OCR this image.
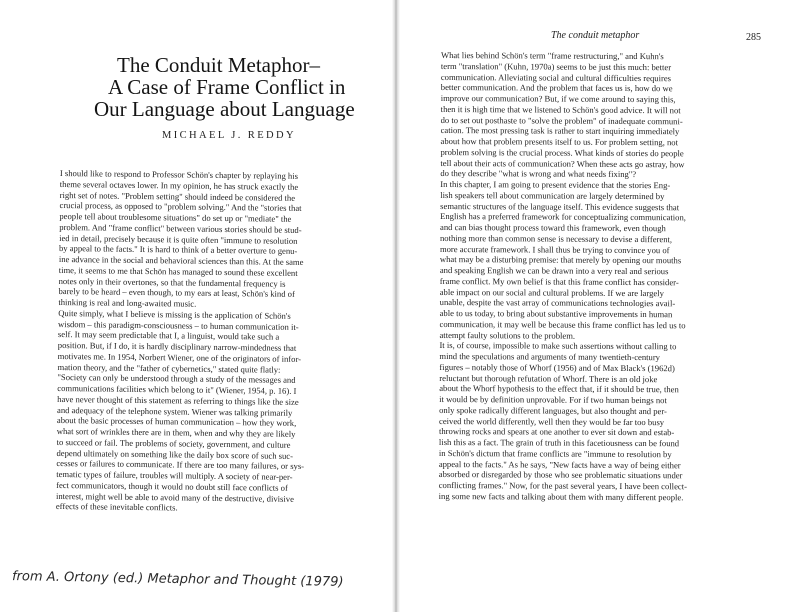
The Conduit Metaphor–
A Case of Frame Conflict in
Our Language about Language
MICHAEL J. REDDY
I should like to respond to Professor Schön's chapter by replaying his
theme several octaves lower. In my opinion, he has struck exactly the
right set of notes. "Problem setting" should indeed be considered the
crucial process, as opposed to "problem solving." And the "stories that
people tell about troublesome situations" do set up or "mediate" the
problem. And "frame conflict" between various stories should be stud-
ied in detail, precisely because it is quite often "immune to resolution
by appeal to the facts." It is hard to think of a better overture to genu-
ine advance in the social and behavioral sciences than this. At the same
time, it seems to me that Schön has managed to sound these excellent
notes only in their overtones, so that the fundamental frequency is
barely to be heard – even though, to my ears at least, Schön's kind of
thinking is real and long-awaited music.
Quite simply, what I believe is missing is the application of Schön's
wisdom – this paradigm-consciousness – to human communication it-
self. It may seem predictable that I, a linguist, would take such a
position. But, if I do, it is hardly disciplinary narrow-mindedness that
motivates me. In 1954, Norbert Wiener, one of the originators of infor-
mation theory, and the "father of cybernetics," stated quite flatly:
"Society can only be understood through a study of the messages and
communications facilities which belong to it" (Wiener, 1954, p. 16). I
have never thought of this statement as referring to things like the size
and adequacy of the telephone system. Wiener was talking primarily
about the basic processes of human communication – how they work,
what sort of wrinkles there are in them, when and why they are likely
to succeed or fail. The problems of society, government, and culture
depend ultimately on something like the daily box score of such suc-
cesses or failures to communicate. If there are too many failures, or sys-
tematic types of failure, troubles will multiply. A society of near-per-
fect communicators, though it would no doubt still face conflicts of
interest, might well be able to avoid many of the destructive, divisive
effects of these inevitable conflicts.
The conduit metaphor	285
What lies behind Schön's term "frame restructuring," and Kuhn's
term "translation" (Kuhn, 1970a) seems to be just this much: better
communication. Alleviating social and cultural difficulties requires
better communication. And the problem that faces us is, how do we
improve our communication? But, if we come around to saying this,
then it is high time that we listened to Schön's good advice. It will not
do to set out posthaste to "solve the problem" of inadequate communi-
cation. The most pressing task is rather to start inquiring immediately
about how that problem presents itself to us. For problem setting, not
problem solving is the crucial process. What kinds of stories do people
tell about their acts of communication? When these acts go astray, how
do they describe "what is wrong and what needs fixing"?
In this chapter, I am going to present evidence that the stories Eng-
lish speakers tell about communication are largely determined by
semantic structures of the language itself. This evidence suggests that
English has a preferred framework for conceptualizing communication,
and can bias thought process toward this framework, even though
nothing more than common sense is necessary to devise a different,
more accurate framework. I shall thus be trying to convince you of
what may be a disturbing premise: that merely by opening our mouths
and speaking English we can be drawn into a very real and serious
frame conflict. My own belief is that this frame conflict has consider-
able impact on our social and cultural problems. If we are largely
unable, despite the vast array of communications technologies avail-
able to us today, to bring about substantive improvements in human
communication, it may well be because this frame conflict has led us to
attempt faulty solutions to the problem.
It is, of course, impossible to make such assertions without calling to
mind the speculations and arguments of many twentieth-century
figures – notably those of Whorf (1956) and of Max Black's (1962d)
reluctant but thorough refutation of Whorf. There is an old joke
about the Whorf hypothesis to the effect that, if it should be true, then
it would be by definition unprovable. For if two human beings not
only spoke radically different languages, but also thought and per-
ceived the world differently, well then they would be far too busy
throwing rocks and spears at one another to ever sit down and estab-
lish this as a fact. The grain of truth in this facetiousness can be found
in Schön's dictum that frame conflicts are "immune to resolution by
appeal to the facts." As he says, "New facts have a way of being either
absorbed or disregarded by those who see problematic situations under
conflicting frames." Now, for the past several years, I have been collect-
ing some new facts and talking about them with many different people.
from A. Ortony (ed.) Metaphor and Thought (1979)
